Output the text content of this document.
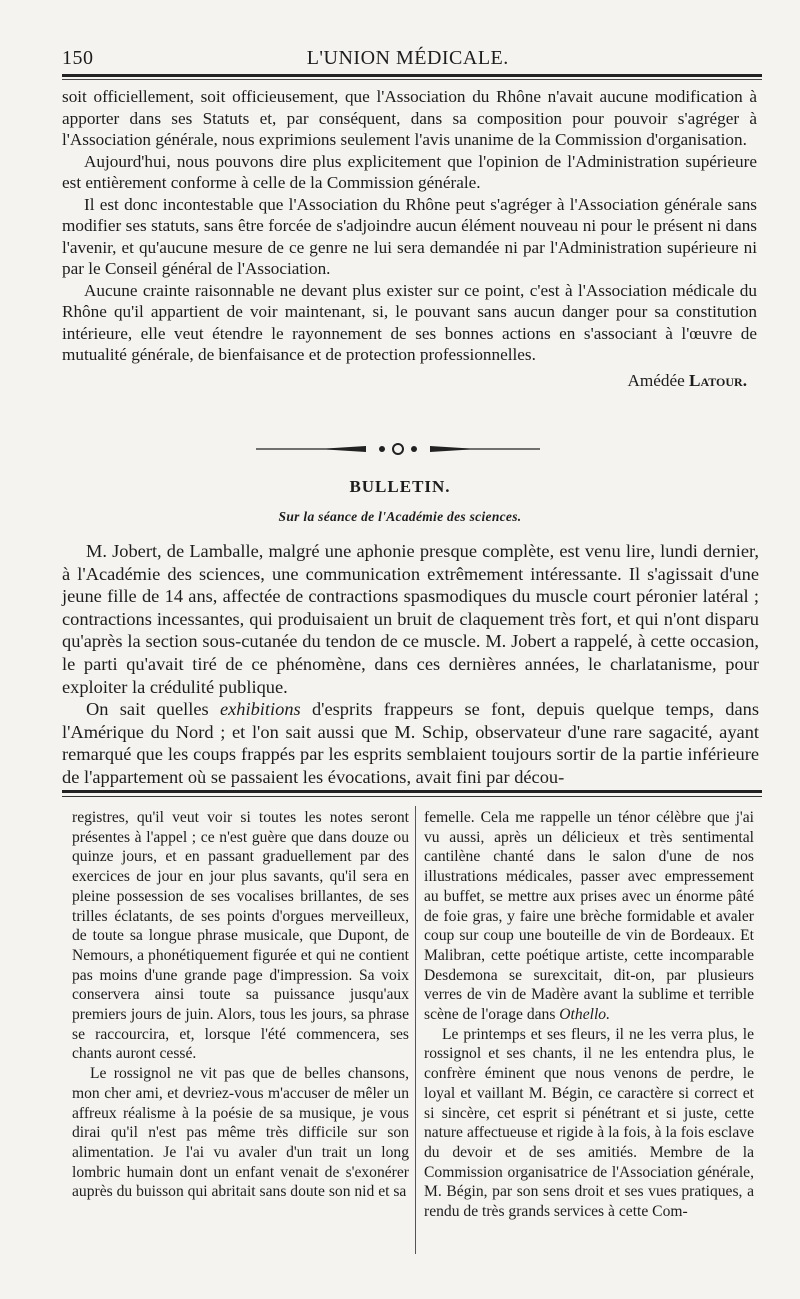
150	L'UNION MÉDICALE.

soit officiellement, soit officieusement, que l'Association du Rhône n'avait aucune modification à apporter dans ses Statuts et, par conséquent, dans sa composition pour pouvoir s'agréger à l'Association générale, nous exprimions seulement l'avis unanime de la Commission d'organisation.

Aujourd'hui, nous pouvons dire plus explicitement que l'opinion de l'Administration supérieure est entièrement conforme à celle de la Commission générale.

Il est donc incontestable que l'Association du Rhône peut s'agréger à l'Association générale sans modifier ses statuts, sans être forcée de s'adjoindre aucun élément nouveau ni pour le présent ni dans l'avenir, et qu'aucune mesure de ce genre ne lui sera demandée ni par l'Administration supérieure ni par le Conseil général de l'Association.

Aucune crainte raisonnable ne devant plus exister sur ce point, c'est à l'Association médicale du Rhône qu'il appartient de voir maintenant, si, le pouvant sans aucun danger pour sa constitution intérieure, elle veut étendre le rayonnement de ses bonnes actions en s'associant à l'œuvre de mutualité générale, de bienfaisance et de protection professionnelles.

Amédée Latour.
BULLETIN.
Sur la séance de l'Académie des sciences.

M. Jobert, de Lamballe, malgré une aphonie presque complète, est venu lire, lundi dernier, à l'Académie des sciences, une communication extrêmement intéressante. Il s'agissait d'une jeune fille de 14 ans, affectée de contractions spasmodiques du muscle court péronier latéral ; contractions incessantes, qui produisaient un bruit de claquement très fort, et qui n'ont disparu qu'après la section sous-cutanée du tendon de ce muscle. M. Jobert a rappelé, à cette occasion, le parti qu'avait tiré de ce phénomène, dans ces dernières années, le charlatanisme, pour exploiter la crédulité publique.

On sait quelles exhibitions d'esprits frappeurs se font, depuis quelque temps, dans l'Amérique du Nord ; et l'on sait aussi que M. Schip, observateur d'une rare sagacité, ayant remarqué que les coups frappés par les esprits semblaient toujours sortir de la partie inférieure de l'appartement où se passaient les évocations, avait fini par décou-

registres, qu'il veut voir si toutes les notes seront présentes à l'appel ; ce n'est guère que dans douze ou quinze jours, et en passant graduellement par des exercices de jour en jour plus savants, qu'il sera en pleine possession de ses vocalises brillantes, de ses trilles éclatants, de ses points d'orgues merveilleux, de toute sa longue phrase musicale, que Dupont, de Nemours, a phonétiquement figurée et qui ne contient pas moins d'une grande page d'impression. Sa voix conservera ainsi toute sa puissance jusqu'aux premiers jours de juin. Alors, tous les jours, sa phrase se raccourcira, et, lorsque l'été commencera, ses chants auront cessé.

Le rossignol ne vit pas que de belles chansons, mon cher ami, et devriez-vous m'accuser de mêler un affreux réalisme à la poésie de sa musique, je vous dirai qu'il n'est pas même très difficile sur son alimentation. Je l'ai vu avaler d'un trait un long lombric humain dont un enfant venait de s'exonérer auprès du buisson qui abritait sans doute son nid et sa

femelle. Cela me rappelle un ténor célèbre que j'ai vu aussi, après un délicieux et très sentimental cantilène chanté dans le salon d'une de nos illustrations médicales, passer avec empressement au buffet, se mettre aux prises avec un énorme pâté de foie gras, y faire une brèche formidable et avaler coup sur coup une bouteille de vin de Bordeaux. Et Malibran, cette poétique artiste, cette incomparable Desdemona se surexcitait, dit-on, par plusieurs verres de vin de Madère avant la sublime et terrible scène de l'orage dans Othello.

Le printemps et ses fleurs, il ne les verra plus, le rossignol et ses chants, il ne les entendra plus, le confrère éminent que nous venons de perdre, le loyal et vaillant M. Bégin, ce caractère si correct et si sincère, cet esprit si pénétrant et si juste, cette nature affectueuse et rigide à la fois, à la fois esclave du devoir et de ses amitiés. Membre de la Commission organisatrice de l'Association générale, M. Bégin, par son sens droit et ses vues pratiques, a rendu de très grands services à cette Com-
